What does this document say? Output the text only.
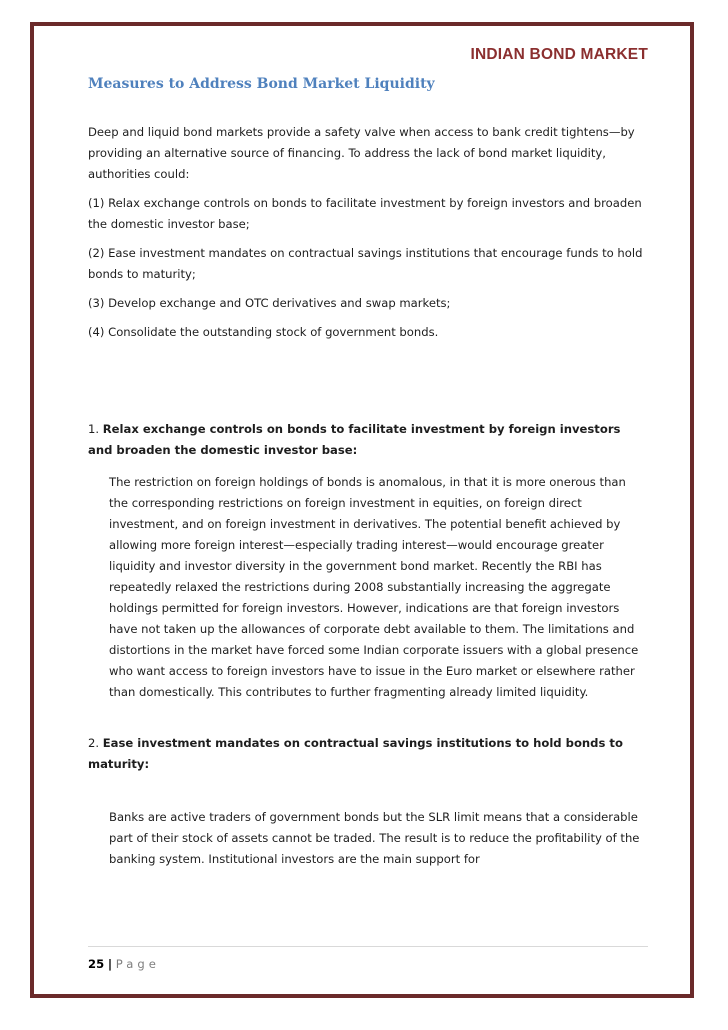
INDIAN BOND MARKET
Measures to Address Bond Market Liquidity

Deep and liquid bond markets provide a safety valve when access to bank credit tightens—by providing an alternative source of financing. To address the lack of bond market liquidity, authorities could:

(1) Relax exchange controls on bonds to facilitate investment by foreign investors and broaden the domestic investor base;

(2) Ease investment mandates on contractual savings institutions that encourage funds to hold bonds to maturity;

(3) Develop exchange and OTC derivatives and swap markets;

(4) Consolidate the outstanding stock of government bonds.

1. Relax exchange controls on bonds to facilitate investment by foreign investors and broaden the domestic investor base:

The restriction on foreign holdings of bonds is anomalous, in that it is more onerous than the corresponding restrictions on foreign investment in equities, on foreign direct investment, and on foreign investment in derivatives. The potential benefit achieved by allowing more foreign interest—especially trading interest—would encourage greater liquidity and investor diversity in the government bond market. Recently the RBI has repeatedly relaxed the restrictions during 2008 substantially increasing the aggregate holdings permitted for foreign investors. However, indications are that foreign investors have not taken up the allowances of corporate debt available to them. The limitations and distortions in the market have forced some Indian corporate issuers with a global presence who want access to foreign investors have to issue in the Euro market or elsewhere rather than domestically. This contributes to further fragmenting already limited liquidity.

2. Ease investment mandates on contractual savings institutions to hold bonds to maturity:

Banks are active traders of government bonds but the SLR limit means that a considerable part of their stock of assets cannot be traded. The result is to reduce the profitability of the banking system. Institutional investors are the main support for

25 | Page
